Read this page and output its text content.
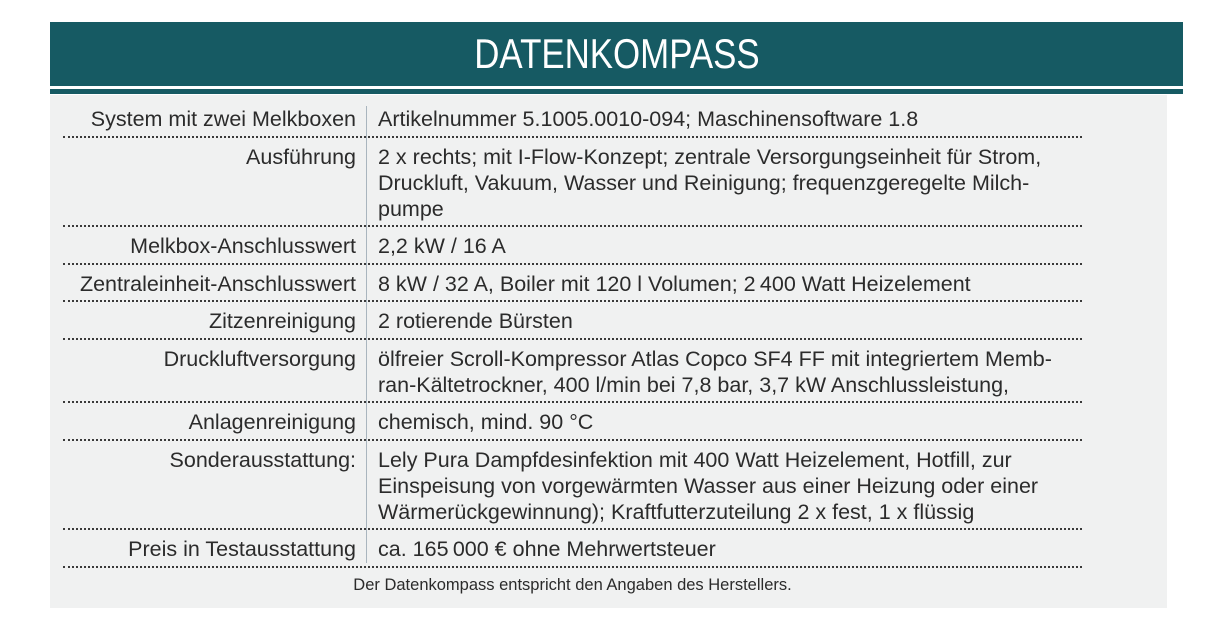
DATENKOMPASS
System mit zwei Melkboxen Artikelnummer 5.1005.0010-094; Maschinensoftware 1.8
Ausführung 2 x rechts; mit I-Flow-Konzept; zentrale Versorgungseinheit für Strom,
Druckluft, Vakuum, Wasser und Reinigung; frequenzgeregelte Milch-
pumpe
Melkbox-Anschlusswert 2,2 kW / 16 A
Zentraleinheit-Anschlusswert 8 kW / 32 A, Boiler mit 120 l Volumen; 2 400 Watt Heizelement
Zitzenreinigung 2 rotierende Bürsten
Druckluftversorgung ölfreier Scroll-Kompressor Atlas Copco SF4 FF mit integriertem Memb-
ran-Kältetrockner, 400 l/min bei 7,8 bar, 3,7 kW Anschlussleistung,
Anlagenreinigung chemisch, mind. 90 °C
Sonderausstattung: Lely Pura Dampfdesinfektion mit 400 Watt Heizelement, Hotfill, zur
Einspeisung von vorgewärmten Wasser aus einer Heizung oder einer
Wärmerückgewinnung); Kraftfutterzuteilung 2 x fest, 1 x flüssig
Preis in Testausstattung ca. 165 000 € ohne Mehrwertsteuer
Der Datenkompass entspricht den Angaben des Herstellers.
